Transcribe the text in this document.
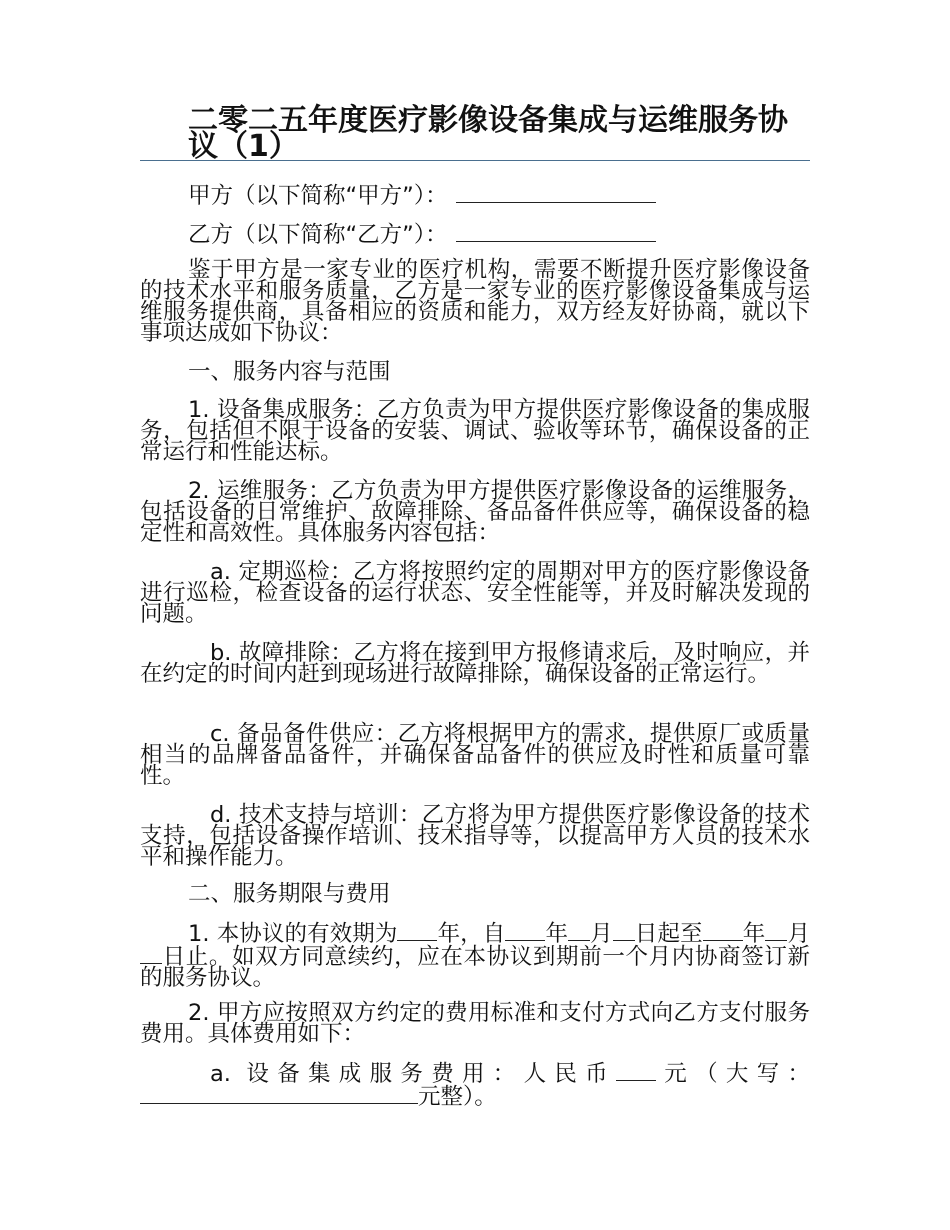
二零二五年度医疗影像设备集成与运维服务协议（1）

甲方（以下简称“甲方”）：

乙方（以下简称“乙方”）：

鉴于甲方是一家专业的医疗机构，需要不断提升医疗影像设备的技术水平和服务质量，乙方是一家专业的医疗影像设备集成与运维服务提供商，具备相应的资质和能力，双方经友好协商，就以下事项达成如下协议：

一、服务内容与范围

1. 设备集成服务：乙方负责为甲方提供医疗影像设备的集成服务，包括但不限于设备的安装、调试、验收等环节，确保设备的正常运行和性能达标。

2. 运维服务：乙方负责为甲方提供医疗影像设备的运维服务，包括设备的日常维护、故障排除、备品备件供应等，确保设备的稳定性和高效性。具体服务内容包括：

a. 定期巡检：乙方将按照约定的周期对甲方的医疗影像设备进行巡检，检查设备的运行状态、安全性能等，并及时解决发现的问题。

b. 故障排除：乙方将在接到甲方报修请求后，及时响应，并在约定的时间内赶到现场进行故障排除，确保设备的正常运行。

c. 备品备件供应：乙方将根据甲方的需求，提供原厂或质量相当的品牌备品备件，并确保备品备件的供应及时性和质量可靠性。

d. 技术支持与培训：乙方将为甲方提供医疗影像设备的技术支持，包括设备操作培训、技术指导等，以提高甲方人员的技术水平和操作能力。

二、服务期限与费用

1. 本协议的有效期为 年，自 年 月 日起至 年 月日止。如双方同意续约，应在本协议到期前一个月内协商签订新的服务协议。

2. 甲方应按照双方约定的费用标准和支付方式向乙方支付服务费用。具体费用如下：

a. 设备集成服务费用：人民币 元（大写：元整）。
